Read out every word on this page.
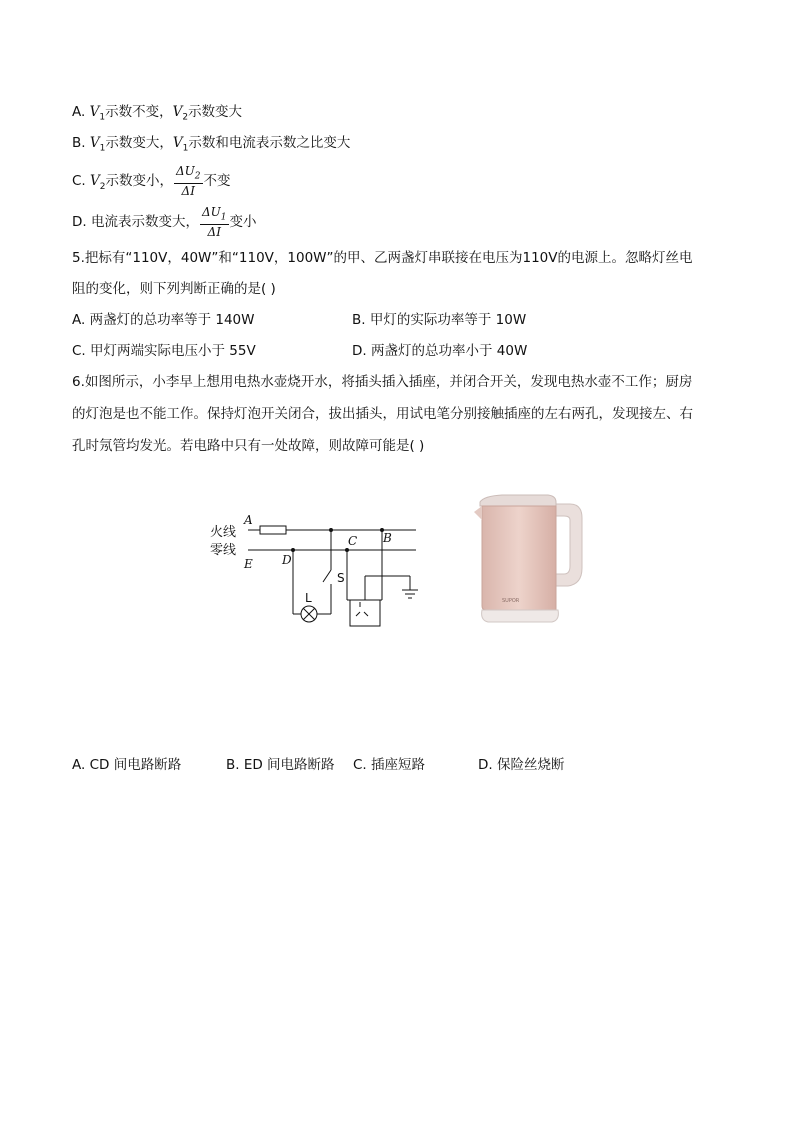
A. $V_1$示数不变，$V_2$示数变大
B. $V_1$示数变大，$V_1$示数和电流表示数之比变大
C. $V_2$示数变小， $\frac{\Delta U_2}{\Delta I}$ 不变
D. 电流表示数变大， $\frac{\Delta U_1}{\Delta I}$ 变小
5.把标有“110V，40W”和“110V，100W”的甲、乙两盏灯串联接在电压为110V的电源上。忽略灯丝电
阻的变化，则下列判断正确的是( )
A. 两盏灯的总功率等于 140W	B. 甲灯的实际功率等于 10W
C. 甲灯两端实际电压小于 55V	D. 两盏灯的总功率小于 40W
6.如图所示，小李早上想用电热水壶烧开水，将插头插入插座，并闭合开关，发现电热水壶不工作；厨房
的灯泡是也不能工作。保持灯泡开关闭合，拔出插头，用试电笔分别接触插座的左右两孔，发现接左、右
孔时氖管均发光。若电路中只有一处故障，则故障可能是( )
火线
零线
A
E D
C B
S
L	SUPOR
A. CD 间电路断路	B. ED 间电路断路 C. 插座短路	D. 保险丝烧断
